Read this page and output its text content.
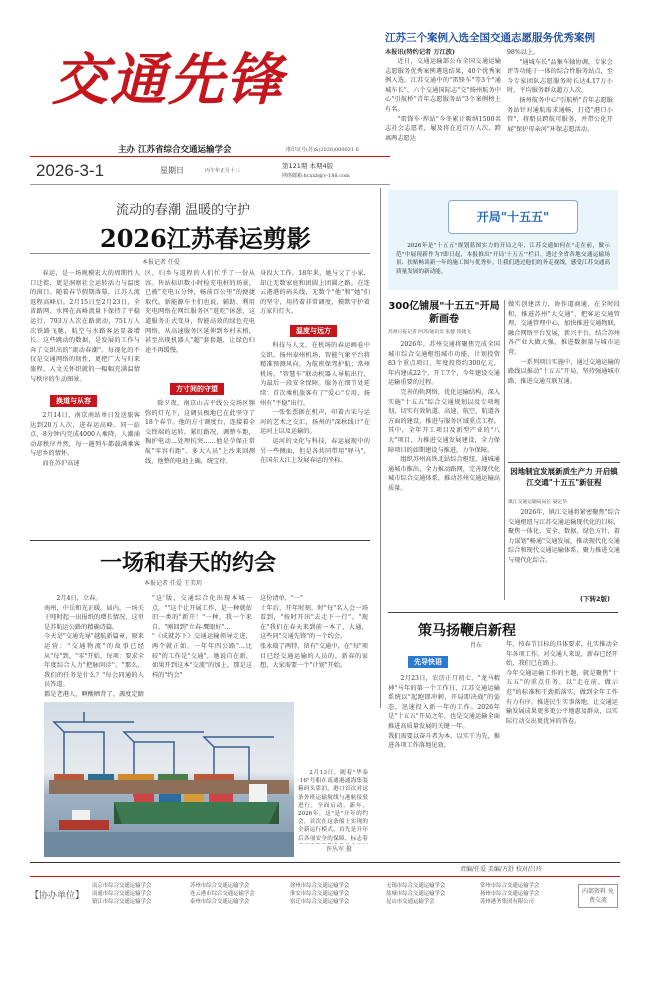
交通先锋
主办 江苏省综合交通运输学会	准印证号(苏)S(2026)000031 6
2026-3-1	星期日	丙午年正月十三
第121期 本期4版
网络邮箱:hcxxb@v-188.com
江苏三个案例入选全国交通志愿服务优秀案例
本报讯(特约记者 万江波)

近日，交通运输部公布全国交通运输志愿服务优秀案例遴选结果，40个优秀案例入选。江苏交通中的"雷锋车"等3个"通城车长"、六个交通国际志"交"扬州航务中心"引航桥"青年志愿服务站"3个案例榜上有名。

"雷锋车·焊站"今冬累计吸纳1500名志社会志愿者，履及将在近百万人次，跨离两志愿达

98%以上。

"通城车长"品集车轴协调，专家会评等功能于一体的综合性服务站点，至今专家团队志愿服务时长达4.17万小时，平均服务群众超万人次。

扬州航务中心"引航桥"青年志愿服务站针对通航需求通畅，打造"港口小管"，将船员跨航可服务，并带公化开展"保护母亲河"环保志愿活动。

开局"十五五"
2026年是"十五五"规划蓝图实力的开局之年，江苏交通如何在"走在前，做示范"中展现新作为?即日起，本报推出"开局'十五五'"栏目，透过全省各地交通运输场景、扶贴畅谈新一年的施工图与优秀步。让我们透过他们的务走视线，感受江苏交通高质量发展的新动能。
流动的春潮 温暖的守护
2026江苏春运剪影
本报记者 任爱

春运，是一场规模宏大的周期性人口迁徙，更是洞察社会运转活力与温度的窗口。随着春节假期落幕，江苏人流返程高峰启。2月15日至2月23日，全省路网、水网在高峰流量下保持了平稳运行，793万人次在路流动，751万人次铁路飞驰，航空与水路客运显著增长。这些跳动的数据，是发展的工作与奔了交织出的"流动春潮"。每视化的不仅是交通网络的韧性，更把广大与归来旅程，人文关怀织就的一幅幅充满温情与秩序的生动图景。

换道与从容

2月14日，南京南站单日发送旅客达到20万人次，进春运高峰。同一站点，8分钟内完成4000人乘降，人潮涌动却秩序井然，每一趟列车都载满乘客与思乡的情怀。

而在苏沪高速

区，归乡与返程的人们忙乎了一份从容。售站标识数小时检充电桩的场景，已被"充电五分钟，畅前百公里"的便捷取代。新能源车主们也说，辅助、利用充电网络在网红服务区"逛吃"休憩，这道服务正式变身，智能高效的绿色充电网络，从高速服务区延伸到乡村末梢，甚至出现机器人"超"套套题，让绿色归途不再缓慢。

方寸间的守望

除夕夜，南京山吉平线公交场区频弥的灯光下，这调员极地已在此坚守了18个春节。他的方寸调度台，连接着全交终端的运转。紧盯路况，调整车距，掏护电动...处理抗突……他是孕保正常航"零容有距"。多大人员"上沙来回测线，他整的电池上确，统宝待。

身段大工作。18年来，她与父了小家，却让无数家庭和团圆上团圆之路。在连云港港的码头线，无数个"他"和"她"们的坚守，用持着非常调度，摸默守护着万家归灯火。

温度与远方

科技与人文，在机场的春运画卷中交织。扬州泰州机场，智能气象平台将精准预测风向，为航班保驾护航；常州机场，"智慧车"联动机器人导航出行，为最后一段安全保障。服务在细节处延续：首次乘机旅客有了"爱心"专用，扬州有"平稳"出行。

一张张票据在机声，印着古宋与运河的艺术之交汇，扬州的"深秋线计"在运河上以及运输的。

运河的文化与科技，春运展现中的另一些侧面，但是各共同带用"驿马"，在国东大江上发展春运的坐标。

300亿铺展"十五五"开局新画卷
苏州日报记者 阿苏/通讯员 张健 钱捷飞

2026年，苏州交通将聚焦完成全国城市综合交通枢纽城市功能，计划投资83个重点项目，年度投资约300亿元，年内建成22个，开工7个，今年建设交通运输重要的过程。

完善的轨网络，优化运输结构，深入实施"十五五"综合交通规划以及专项规划，切实有效轨道、高速、航空、航道各方面的建设，推进与服务区域重点工程。其中，全年开工项目及新型产业的"八大"项目，力推进交通发展建设，全力保障项目的如期建设与推进，力争保障。

组织苏州高铁北站综合枢纽、通城通通城市推出，全力推动路网，完善现代化城市综合交通体系，推动苏州交通运输高质量。

做实创建活力，协作道商通，在全时段和，推进苏州"大交通"，把客运交通管理，交通管理中心，加快推进交通物联，融合网络平台发展，新兴平台，结合苏州各产业大做大强，推进数据量与城市运营。

一系列项目实施中，通过交通运输的路线以推动"十五五"开局，坚持强通城市路，推进交通互联互通。

因地制宜发展新质生产力 开启镇江交通"十五五"新征程
镇江交通运输局局长 晏定华

2026年，镇江交通将紧密聚焦"综合交通枢纽与江苏交通运输现代化的目标，聚焦一体化、安全、数据、绿色方针，着力谋划"畅通"交通发展，推动现代化交通综合和现代交通运输体系，聚力推进交通与现代化综合。

(下转2版)
一场和春天的约会
本报记者 任爱 王美玥

2月4日，立春。
南州，中岳和光正暖。届内，一场关于吨时起一出报纸的增长情况，这里是苏航运公路的精确诗篇。
今天是"交通先导"越航新篇章，原来运营："交通物流"的故事已经从"每"到，"零"开始，每项：要求全年度综合人力"把脉问诊"。"那么，我们的任务是什么？"每会同通的人员答道。
都是老港人，啊酸晒背了，源度定睛

"这'版，交通综合化出现本城一点。""这个让开展工作，是一种就依旧一类的"新开！"一种，我一个来自。"刚回到"立春-鹰眼好"…
"《成就苏下》交通运输领导走进，两个就正如，一年年四公路"…比较"的工作是"交通"，她说自在新，如果开到这本"交流"的加上，那是这样的"约会"

这份清单，"一"
十年后，开年时刻，时"每"名人会一场看到，"按时开出"去走下一行"。"现在"我们在春天来到前一本了，大通，这些同"交通先锋"的一个约会。
张永瑞了两特，留有"交通中，在"每"项目已经交通运输的人员的。新春的家想，大家需要一个"计划"开始。

2月13日，随着"华泰·16"号船在南通港通海集装箱码头靠泊，港口首次对这条外班运输航线与港航接驳进行，全面启动。新年，2026年，这"是"开年的约会，首次在这条船上实现的全新运行模式，首先是开年后各项安全的保障，标志着
许丛军 摄
策马扬鞭启新程
肖东
先导快语

2月23日，农历正月初七，"龙马精神"马年的第一个工作日，江苏交通运输系统以"起跑即冲刺、开局即决战"的姿态，迅速投入新一年的工作。2026年是"十五五"开局之年，也是交通运输全面推进高质量发展的关键一年。
我们需要以奋斗者为本，以实干为先，推进各项工作落地见效。

年，按春节目标的具体要求，扎实推动全年各项工作。对交通人来说，新春已经开始，我们已在路上。
今年交通运输工作的主题，就是聚焦"十五五"的重点任务，以"走在前、做示范"的标准和干劲抓落实，做到全年工作有力有序，推进民生实事落地，让交通运输发展成果更多更公平地惠及群众，以实际行动交出更优异的答卷。

责编/任爱 美编/方舒 校对/吕玲
【协办单位】
南京市综合交通运输学会
南通市综合交通运输学会
镇江市综合交通运输学会
苏州市综合交通运输学会
连云港市综合交通运输学会
泰州市综合交通运输学会
徐州市综合交通运输学会
淮安市综合交通运输学会
宿迁市综合交通运输学会
无锡市综合交通运输学会
盐城市综合交通运输学会
昆山市交通运输学会
常州市综合交通运输学会
扬州市综合交通运输学会
苏州港务集团有限公司
内部资料 免费交流
